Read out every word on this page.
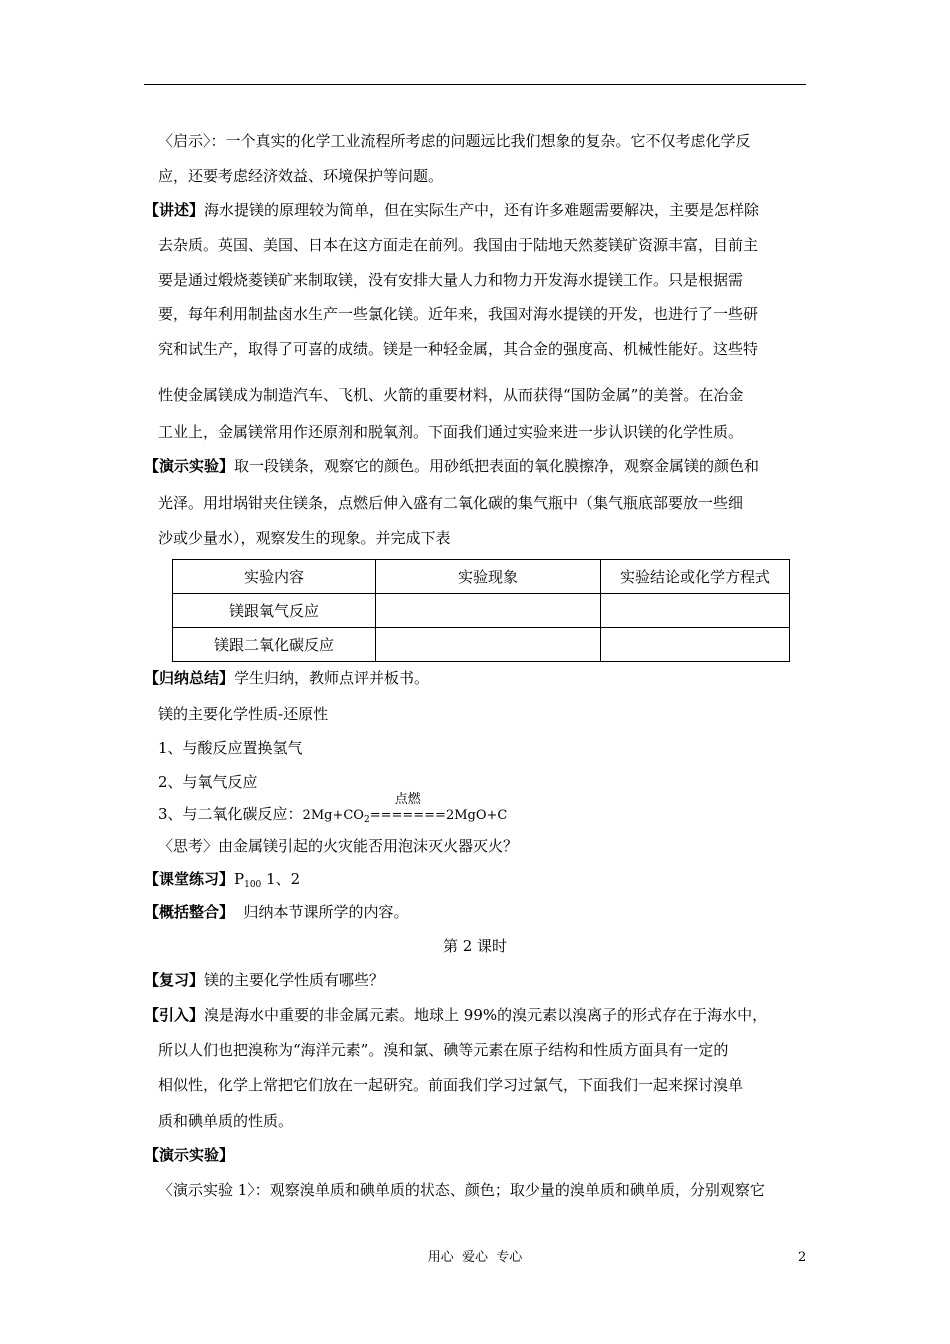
〈启示〉：一个真实的化学工业流程所考虑的问题远比我们想象的复杂。它不仅考虑化学反
应，还要考虑经济效益、环境保护等问题。
【讲述】海水提镁的原理较为简单，但在实际生产中，还有许多难题需要解决，主要是怎样除
去杂质。英国、美国、日本在这方面走在前列。我国由于陆地天然菱镁矿资源丰富，目前主
要是通过煅烧菱镁矿来制取镁，没有安排大量人力和物力开发海水提镁工作。只是根据需
要，每年利用制盐卤水生产一些氯化镁。近年来，我国对海水提镁的开发，也进行了一些研
究和试生产，取得了可喜的成绩。镁是一种轻金属，其合金的强度高、机械性能好。这些特
性使金属镁成为制造汽车、飞机、火箭的重要材料，从而获得“国防金属”的美誉。在冶金
工业上，金属镁常用作还原剂和脱氧剂。下面我们通过实验来进一步认识镁的化学性质。
【演示实验】取一段镁条，观察它的颜色。用砂纸把表面的氧化膜擦净，观察金属镁的颜色和
光泽。用坩埚钳夹住镁条，点燃后伸入盛有二氧化碳的集气瓶中（集气瓶底部要放一些细
沙或少量水），观察发生的现象。并完成下表
实验内容	实验现象	实验结论或化学方程式
镁跟氧气反应		
镁跟二氧化碳反应		
【归纳总结】学生归纳，教师点评并板书。
镁的主要化学性质-还原性
1、与酸反应置换氢气
2、与氧气反应
3、与二氧化碳反应：$2Mg+CO_2$
点燃
=======2MgO+C
〈思考〉由金属镁引起的火灾能否用泡沫灭火器灭火？
【课堂练习】$P_{100}$ 1、2
【概括整合】  归纳本节课所学的内容。
第 2 课时
【复习】镁的主要化学性质有哪些？
【引入】溴是海水中重要的非金属元素。地球上 99%的溴元素以溴离子的形式存在于海水中，
所以人们也把溴称为“海洋元素”。溴和氯、碘等元素在原子结构和性质方面具有一定的
相似性，化学上常把它们放在一起研究。前面我们学习过氯气，下面我们一起来探讨溴单
质和碘单质的性质。
【演示实验】
〈演示实验 1〉：观察溴单质和碘单质的状态、颜色；取少量的溴单质和碘单质，分别观察它
用心  爱心  专心	2
